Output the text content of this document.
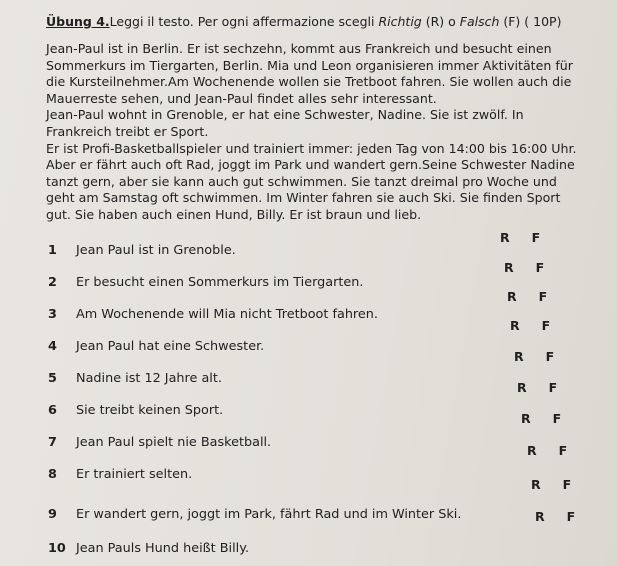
Übung 4.Leggi il testo. Per ogni affermazione scegli Richtig (R) o Falsch (F) ( 10P)
Jean-Paul ist in Berlin. Er ist sechzehn, kommt aus Frankreich und besucht einen
Sommerkurs im Tiergarten, Berlin. Mia und Leon organisieren immer Aktivitäten für
die Kursteilnehmer.Am Wochenende wollen sie Tretboot fahren. Sie wollen auch die
Mauerreste sehen, und Jean-Paul findet alles sehr interessant.
Jean-Paul wohnt in Grenoble, er hat eine Schwester, Nadine. Sie ist zwölf. In
Frankreich treibt er Sport.
Er ist Profi-Basketballspieler und trainiert immer: jeden Tag von 14:00 bis 16:00 Uhr.
Aber er fährt auch oft Rad, joggt im Park und wandert gern.Seine Schwester Nadine
tanzt gern, aber sie kann auch gut schwimmen. Sie tanzt dreimal pro Woche und
geht am Samstag oft schwimmen. Im Winter fahren sie auch Ski. Sie finden Sport
gut. Sie haben auch einen Hund, Billy. Er ist braun und lieb.
1 Jean Paul ist in Grenoble.
2 Er besucht einen Sommerkurs im Tiergarten.
3 Am Wochenende will Mia nicht Tretboot fahren.
4 Jean Paul hat eine Schwester.
5 Nadine ist 12 Jahre alt.
6 Sie treibt keinen Sport.
7 Jean Paul spielt nie Basketball.
8 Er trainiert selten.
9 Er wandert gern, joggt im Park, fährt Rad und im Winter Ski.
10 Jean Pauls Hund heißt Billy.
R F
R F
R F
R F
R F
R F
R F
R F
R F
R F
